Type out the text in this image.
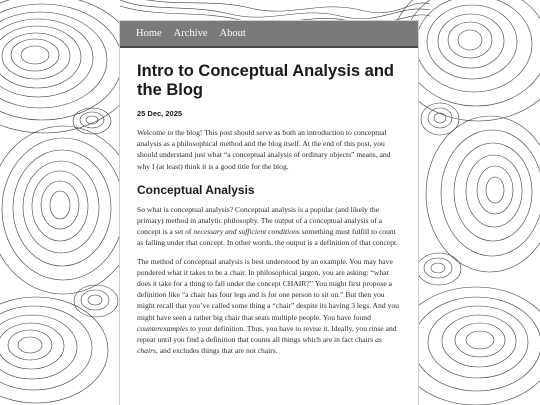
Home Archive About
Intro to Conceptual Analysis and the Blog
25 Dec, 2025

Welcome to the blog! This post should serve as both an introduction to conceptual analysis as a philosophical method and the blog itself. At the end of this post, you should understand just what “a conceptual analysis of ordinary objects” means, and why I (at least) think it is a good title for the blog.

Conceptual Analysis

So what is conceptual analysis? Conceptual analysis is a popular (and likely the primary) method in analytic philosophy. The output of a conceptual analysis of a concept is a set of necessary and sufficient conditions something must fulfill to count as falling under that concept. In other words, the output is a definition of that concept.

The method of conceptual analysis is best understood by an example. You may have pondered what it takes to be a chair. In philosophical jargon, you are asking: “what does it take for a thing to fall under the concept CHAIR?” You might first propose a definition like “a chair has four legs and is for one person to sit on.” But then you might recall that you’ve called some thing a “chair” despite its having 3 legs. And you might have seen a rather big chair that seats multiple people. You have found counterexamples to your definition. Thus, you have to revise it. Ideally, you rinse and repeat until you find a definition that counts all things which are in fact chairs as chairs, and excludes things that are not chairs.
